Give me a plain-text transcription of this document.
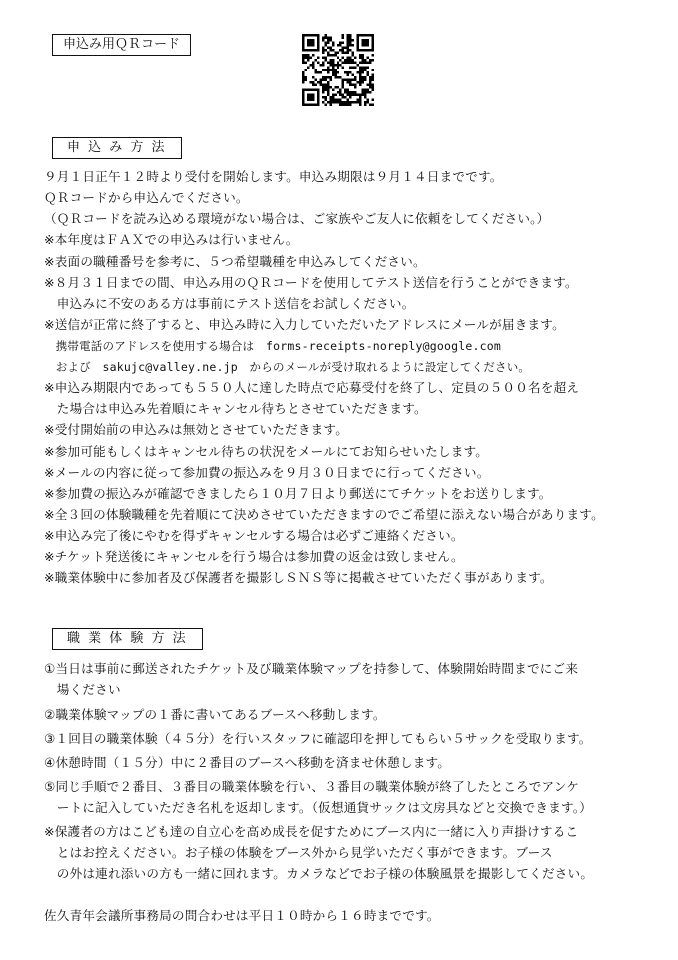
申込み用ＱＲコード
申 込 み 方 法
９月１日正午１２時より受付を開始します。申込み期限は９月１４日までです。
ＱＲコードから申込んでください。
（ＱＲコードを読み込める環境がない場合は、ご家族やご友人に依頼をしてください。）
※本年度はＦＡＸでの申込みは行いません。
※表面の職種番号を参考に、５つ希望職種を申込みしてください。
※８月３１日までの間、申込み用のＱＲコードを使用してテスト送信を行うことができます。
　申込みに不安のある方は事前にテスト送信をお試しください。
※送信が正常に終了すると、申込み時に入力していただいたアドレスにメールが届きます。
　携帯電話のアドレスを使用する場合は　forms-receipts-noreply@google.com
　および　sakujc@valley.ne.jp　からのメールが受け取れるように設定してください。
※申込み期限内であっても５５０人に達した時点で応募受付を終了し、定員の５００名を超え
　た場合は申込み先着順にキャンセル待ちとさせていただきます。
※受付開始前の申込みは無効とさせていただきます。
※参加可能もしくはキャンセル待ちの状況をメールにてお知らせいたします。
※メールの内容に従って参加費の振込みを９月３０日までに行ってください。
※参加費の振込みが確認できましたら１０月７日より郵送にてチケットをお送りします。
※全３回の体験職種を先着順にて決めさせていただきますのでご希望に添えない場合があります。
※申込み完了後にやむを得ずキャンセルする場合は必ずご連絡ください。
※チケット発送後にキャンセルを行う場合は参加費の返金は致しません。
※職業体験中に参加者及び保護者を撮影しＳＮＳ等に掲載させていただく事があります。
職 業 体 験 方 法
①当日は事前に郵送されたチケット及び職業体験マップを持参して、体験開始時間までにご来
　場ください
②職業体験マップの１番に書いてあるブースへ移動します。
③１回目の職業体験（４５分）を行いスタッフに確認印を押してもらい５サックを受取ります。
④休憩時間（１５分）中に２番目のブースへ移動を済ませ休憩します。
⑤同じ手順で２番目、３番目の職業体験を行い、３番目の職業体験が終了したところでアンケ
　ートに記入していただき名札を返却します。（仮想通貨サックは文房具などと交換できます。）
※保護者の方はこども達の自立心を高め成長を促すためにブース内に一緒に入り声掛けするこ
　とはお控えください。お子様の体験をブース外から見学いただく事ができます。ブース
　の外は連れ添いの方も一緒に回れます。カメラなどでお子様の体験風景を撮影してください。
佐久青年会議所事務局の問合わせは平日１０時から１６時までです。
